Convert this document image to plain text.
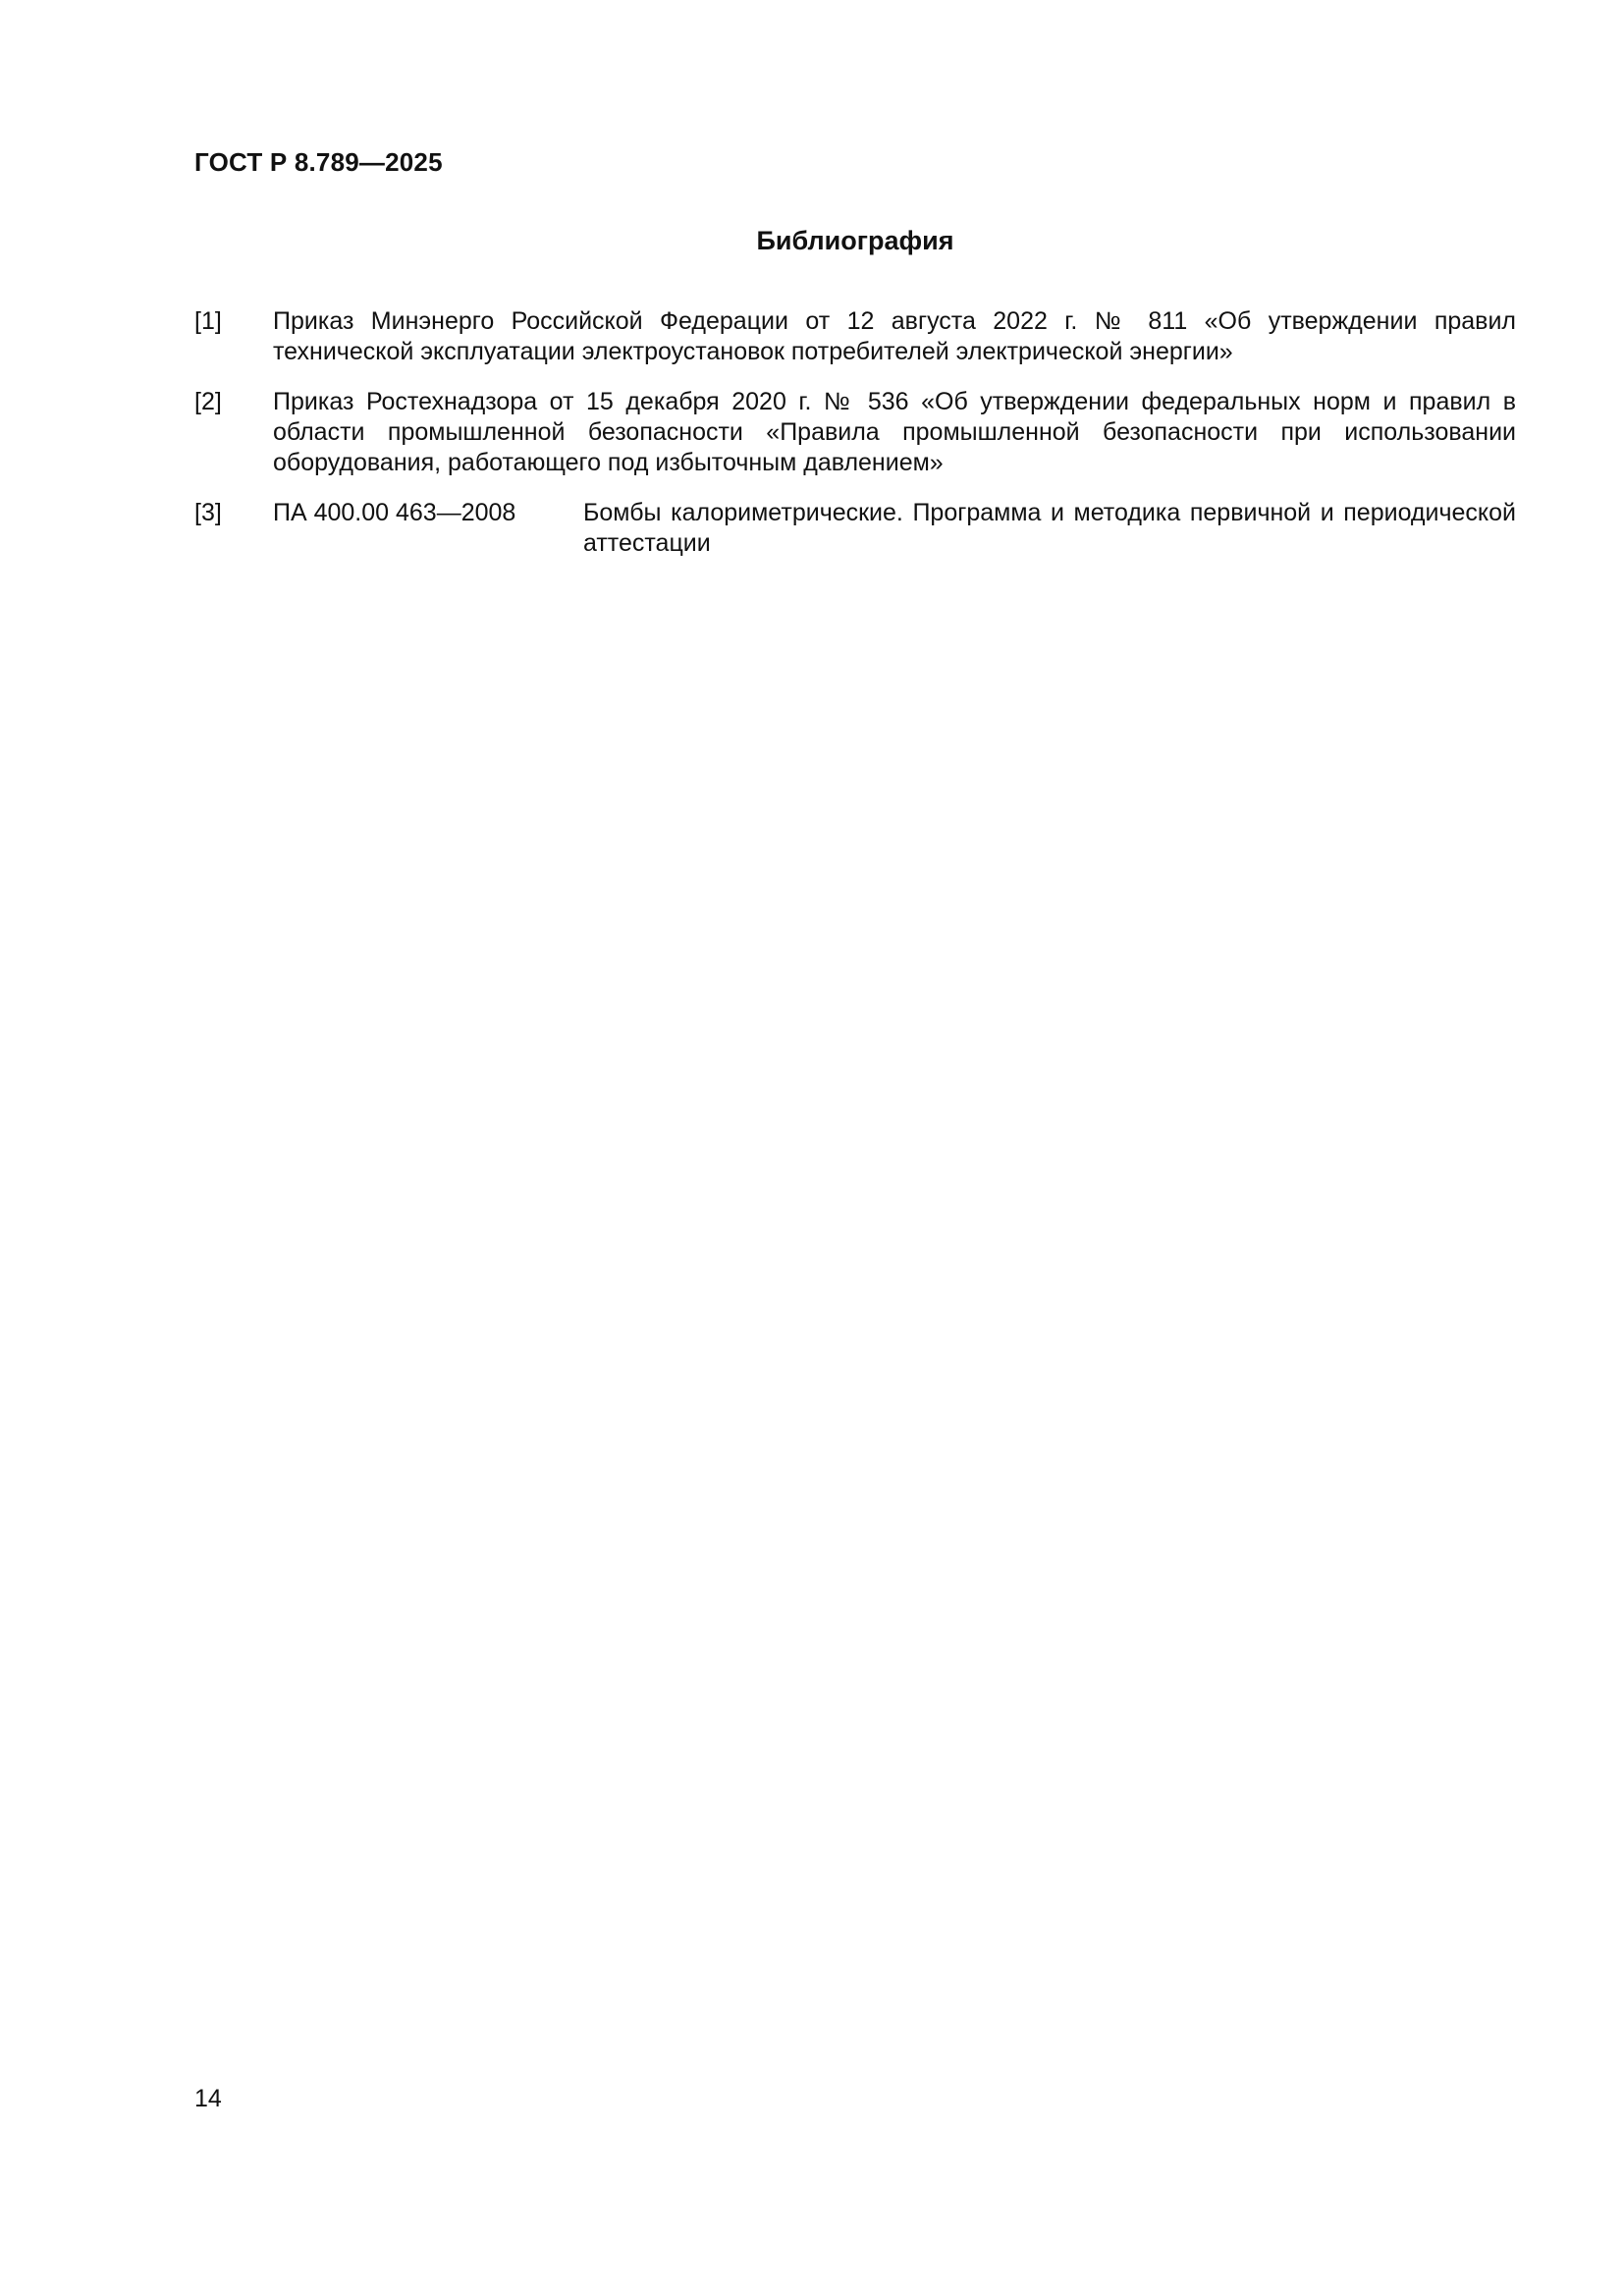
ГОСТ Р 8.789—2025
Библиография
[1]	Приказ Минэнерго Российской Федерации от 12 августа 2022 г. № 811 «Об утверждении правил технической эксплуатации электроустановок потребителей электрической энергии»
[2]	Приказ Ростехнадзора от 15 декабря 2020 г. № 536 «Об утверждении федеральных норм и правил в области промышленной безопасности «Правила промышленной безопасности при использовании оборудования, работающего под избыточным давлением»
[3]	ПА 400.00 463—2008	Бомбы калориметрические. Программа и методика первичной и периодической аттестации
14
